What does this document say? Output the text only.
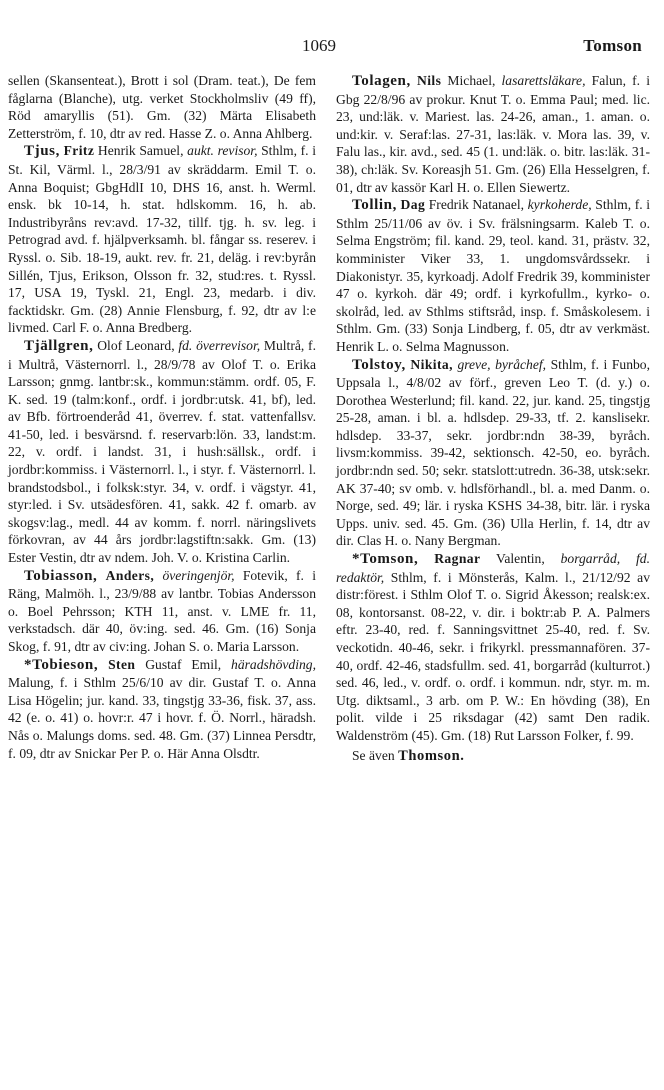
1069	Tomson

sellen (Skansenteat.), Brott i sol (Dram. teat.), De fem fåglarna (Blanche), utg. verket Stockholmsliv (49 ff), Röd amaryllis (51). Gm. (32) Märta Elisabeth Zetterström, f. 10, dtr av red. Hasse Z. o. Anna Ahlberg.

Tjus, Fritz Henrik Samuel, aukt. revisor, Sthlm, f. i St. Kil, Värml. l., 28/3/91 av skräddarm. Emil T. o. Anna Boquist; GbgHdlI 10, DHS 16, anst. h. Werml. ensk. bk 10-14, h. stat. hdlskomm. 16, h. ab. Industribyråns rev:avd. 17-32, tillf. tjg. h. sv. leg. i Petrograd avd. f. hjälpverksamh. bl. fångar ss. reserev. i Ryssl. o. Sib. 18-19, aukt. rev. fr. 21, deläg. i rev:byrån Sillén, Tjus, Erikson, Olsson fr. 32, stud:res. t. Ryssl. 17, USA 19, Tyskl. 21, Engl. 23, medarb. i div. facktidskr. Gm. (28) Annie Flensburg, f. 92, dtr av l:e livmed. Carl F. o. Anna Bredberg.

Tjällgren, Olof Leonard, fd. överrevisor, Multrå, f. i Multrå, Västernorrl. l., 28/9/78 av Olof T. o. Erika Larsson; gnmg. lantbr:sk., kommun:stämm. ordf. 05, F. K. sed. 19 (talm:konf., ordf. i jordbr:utsk. 41, bf), led. av Bfb. förtroenderåd 41, överrev. f. stat. vattenfallsv. 41-50, led. i besvärsnd. f. reservarb:lön. 33, landst:m. 22, v. ordf. i landst. 31, i hush:sällsk., ordf. i jordbr:kommiss. i Västernorrl. l., i styr. f. Västernorrl. l. brandstodsbol., i folksk:styr. 34, v. ordf. i vägstyr. 41, styr:led. i Sv. utsädesfören. 41, sakk. 42 f. omarb. av skogsv:lag., medl. 44 av komm. f. norrl. näringslivets förkovran, av 44 års jordbr:lagstiftn:sakk. Gm. (13) Ester Vestin, dtr av ndem. Joh. V. o. Kristina Carlin.

Tobiasson, Anders, överingenjör, Fotevik, f. i Räng, Malmöh. l., 23/9/88 av lantbr. Tobias Andersson o. Boel Pehrsson; KTH 11, anst. v. LME fr. 11, verkstadsch. där 40, öv:ing. sed. 46. Gm. (16) Sonja Skog, f. 91, dtr av civ:ing. Johan S. o. Maria Larsson.

*Tobieson, Sten Gustaf Emil, häradshövding, Malung, f. i Sthlm 25/6/10 av dir. Gustaf T. o. Anna Lisa Högelin; jur. kand. 33, tingstjg 33-36, fisk. 37, ass. 42 (e. o. 41) o. hovr:r. 47 i hovr. f. Ö. Norrl., häradsh. Nås o. Malungs doms. sed. 48. Gm. (37) Linnea Persdtr, f. 09, dtr av Snickar Per P. o. Här Anna Olsdtr.

Tolagen, Nils Michael, lasarettsläkare, Falun, f. i Gbg 22/8/96 av prokur. Knut T. o. Emma Paul; med. lic. 23, und:läk. v. Mariest. las. 24-26, aman., 1. aman. o. und:kir. v. Seraf:las. 27-31, las:läk. v. Mora las. 39, v. Falu las., kir. avd., sed. 45 (1. und:läk. o. bitr. las:läk. 31-38), ch:läk. Sv. Koreasjh 51. Gm. (26) Ella Hesselgren, f. 01, dtr av kassör Karl H. o. Ellen Siewertz.

Tollin, Dag Fredrik Natanael, kyrkoherde, Sthlm, f. i Sthlm 25/11/06 av öv. i Sv. frälsningsarm. Kaleb T. o. Selma Engström; fil. kand. 29, teol. kand. 31, prästv. 32, komminister Viker 33, 1. ungdomsvårdssekr. i Diakonistyr. 35, kyrkoadj. Adolf Fredrik 39, komminister 47 o. kyrkoh. där 49; ordf. i kyrkofullm., kyrko- o. skolråd, led. av Sthlms stiftsråd, insp. f. Småskolesem. i Sthlm. Gm. (33) Sonja Lindberg, f. 05, dtr av verkmäst. Henrik L. o. Selma Magnusson.

Tolstoy, Nikita, greve, byråchef, Sthlm, f. i Funbo, Uppsala l., 4/8/02 av förf., greven Leo T. (d. y.) o. Dorothea Westerlund; fil. kand. 22, jur. kand. 25, tingstjg 25-28, aman. i bl. a. hdlsdep. 29-33, tf. 2. kanslisekr. hdlsdep. 33-37, sekr. jordbr:ndn 38-39, byråch. livsm:kommiss. 39-42, sektionsch. 42-50, eo. byråch. jordbr:ndn sed. 50; sekr. statslott:utredn. 36-38, utsk:sekr. AK 37-40; sv omb. v. hdlsförhandl., bl. a. med Danm. o. Norge, sed. 49; lär. i ryska KSHS 34-38, bitr. lär. i ryska Upps. univ. sed. 45. Gm. (36) Ulla Herlin, f. 14, dtr av dir. Clas H. o. Nany Bergman.

*Tomson, Ragnar Valentin, borgarråd, fd. redaktör, Sthlm, f. i Mönsterås, Kalm. l., 21/12/92 av distr:förest. i Sthlm Olof T. o. Sigrid Åkesson; realsk:ex. 08, kontorsanst. 08-22, v. dir. i boktr:ab P. A. Palmers eftr. 23-40, red. f. Sanningsvittnet 25-40, red. f. Sv. veckotidn. 40-46, sekr. i frikyrkl. pressmannafören. 37-40, ordf. 42-46, stadsfullm. sed. 41, borgarråd (kulturrot.) sed. 46, led., v. ordf. o. ordf. i kommun. ndr, styr. m. m. Utg. diktsaml., 3 arb. om P. W.: En hövding (38), En polit. vilde i 25 riksdagar (42) samt Den radik. Waldenström (45). Gm. (18) Rut Larsson Folker, f. 99.

Se även Thomson.
